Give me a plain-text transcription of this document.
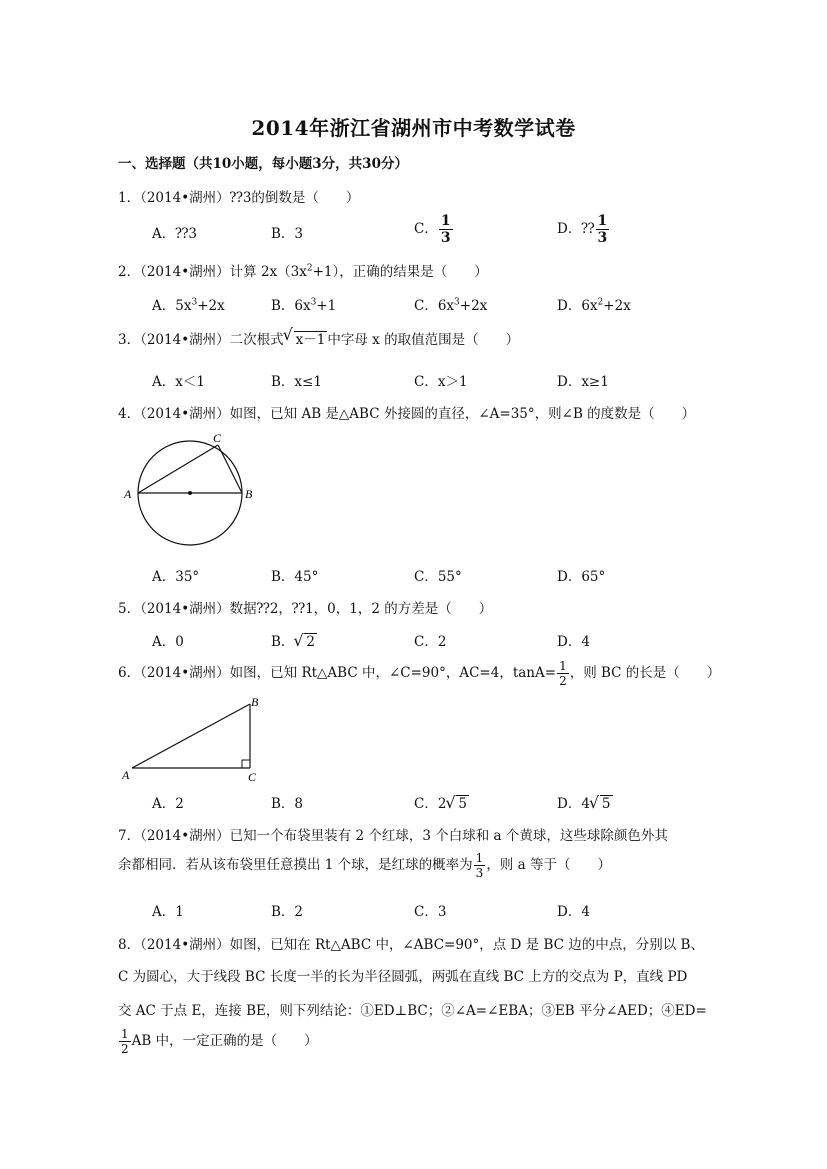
2014年浙江省湖州市中考数学试卷
一、选择题（共10小题，每小题3分，共30分）
1．（2014•湖州）⁇3的倒数是（　　）
A．⁇3	B．3	C． $\frac{1}{3}$	D．⁇ $\frac{1}{3}$
2．（2014•湖州）计算 $2x(3x^2+1)$，正确的结果是（　　）
A．$5x^3+2x$	B．$6x^3+1$	C．$6x^3+2x$	D．$6x^2+2x$
3．（2014•湖州）二次根式 √ x－1 中字母 x 的取值范围是（　　）
A．x＜1	B．x≤1	C．x＞1	D．x≥1
4．（2014•湖州）如图，已知 AB 是△ABC 外接圆的直径，∠A=35°，则∠B 的度数是（　　）
A	B
C
A．35°	B．45°	C．55°	D．65°
5．（2014•湖州）数据⁇2，⁇1，0，1，2 的方差是（　　）
A．0	B． √ 2	C．2	D．4
6．（2014•湖州）如图，已知 Rt△ABC 中，∠C=90°，AC=4，$\tan A= \frac{1}{2}$ ，则 BC 的长是（　　）
A
B
C
A．2	B．8	C．2 √ 5	D．4 √ 5
7．（2014•湖州）已知一个布袋里装有 2 个红球，3 个白球和 a 个黄球，这些球除颜色外其
余都相同．若从该布袋里任意摸出 1 个球，是红球的概率为 $\frac{1}{3}$ ，则 a 等于（　　）
A．1	B．2	C．3	D．4
8．（2014•湖州）如图，已知在 Rt△ABC 中，∠ABC=90°，点 D 是 BC 边的中点，分别以 B、
C 为圆心，大于线段 BC 长度一半的长为半径圆弧，两弧在直线 BC 上方的交点为 P，直线 PD
交 AC 于点 E，连接 BE，则下列结论：①ED⊥BC；②∠A=∠EBA；③EB 平分∠AED；④ED=
$\frac{1}{2}$ AB 中，一定正确的是（　　）
